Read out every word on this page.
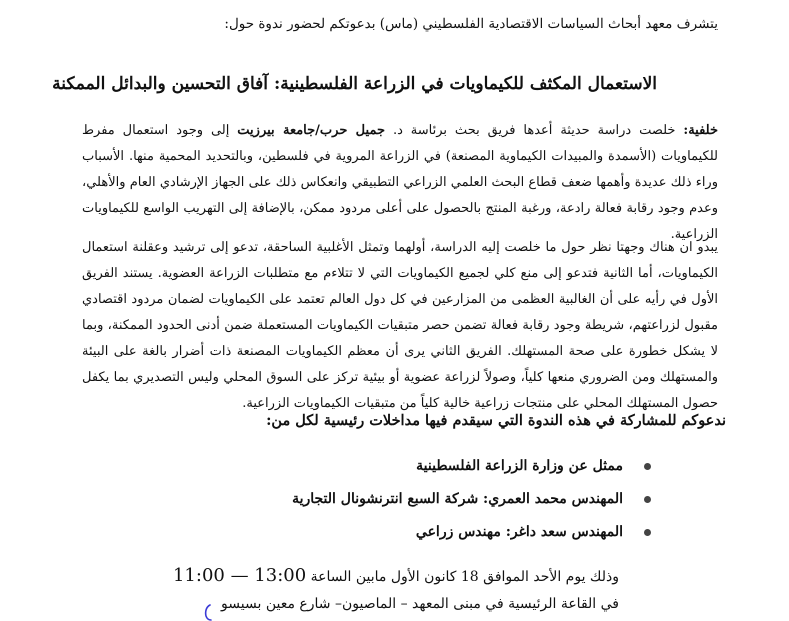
يتشرف معهد أبحاث السياسات الاقتصادية الفلسطيني (ماس) بدعوتكم لحضور ندوة حول:
الاستعمال المكثف للكيماويات في الزراعة الفلسطينية: آفاق التحسين والبدائل الممكنة
خلفية: خلصت دراسة حديثة أعدها فريق بحث برئاسة د. جميل حرب/جامعة بيرزيت إلى وجود استعمال مفرط للكيماويات (الأسمدة والمبيدات الكيماوية المصنعة) في الزراعة المروية في فلسطين، وبالتحديد المحمية منها. الأسباب وراء ذلك عديدة وأهمها ضعف قطاع البحث العلمي الزراعي التطبيقي وانعكاس ذلك على الجهاز الإرشادي العام والأهلي، وعدم وجود رقابة فعالة رادعة، ورغبة المنتج بالحصول على أعلى مردود ممكن، بالإضافة إلى التهريب الواسع للكيماويات الزراعية.
يبدو ان هناك وجهتا نظر حول ما خلصت إليه الدراسة، أولهما وتمثل الأغلبية الساحقة، تدعو إلى ترشيد وعقلنة استعمال الكيماويات، أما الثانية فتدعو إلى منع كلي لجميع الكيماويات التي لا تتلاءم مع متطلبات الزراعة العضوية. يستند الفريق الأول في رأيه على أن الغالبية العظمى من المزارعين في كل دول العالم تعتمد على الكيماويات لضمان مردود اقتصادي مقبول لزراعتهم، شريطة وجود رقابة فعالة تضمن حصر متبقيات الكيماويات المستعملة ضمن أدنى الحدود الممكنة، وبما لا يشكل خطورة على صحة المستهلك. الفريق الثاني يرى أن معظم الكيماويات المصنعة ذات أضرار بالغة على البيئة والمستهلك ومن الضروري منعها كلياً، وصولاً لزراعة عضوية أو بيئية تركز على السوق المحلي وليس التصديري بما يكفل حصول المستهلك المحلي على منتجات زراعية خالية كلياً من متبقيات الكيماويات الزراعية.
ندعوكم للمشاركة في هذه الندوة التي سيقدم فيها مداخلات رئيسية لكل من:
ممثل عن وزارة الزراعة الفلسطينية
المهندس محمد العمري: شركة السبع انترنشونال التجارية
المهندس سعد داغر: مهندس زراعي
وذلك يوم الأحد الموافق 18 كانون الأول مابين الساعة 11:00 — 13:00
في القاعة الرئيسية في مبنى المعهد – الماصيون– شارع معين بسيسو
